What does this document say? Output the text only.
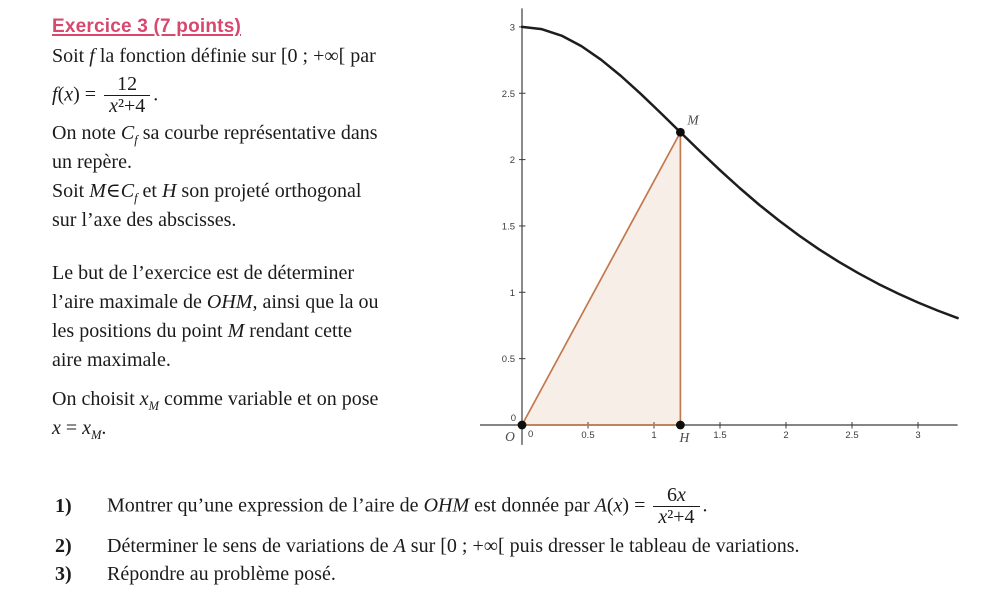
Exercice 3 (7 points)

Soit f la fonction définie sur [0 ; +∞[ par

$f(x) = \frac{12}{\text{x²+4}}$ .

On note $C_f$ sa courbe représentative dans

un repère.

Soit $M\in C_f$ et H son projeté orthogonal

sur l’axe des abscisses.

Le but de l’exercice est de déterminer

l’aire maximale de OHM, ainsi que la ou

les positions du point M rendant cette

aire maximale.

On choisit $x_M$ comme variable et on pose

$x = x_M$.	0.5	1	1.5	2	2.5	3
0.5
1
1.5
2
2.5
3
0
0
M
H
O
1)	Montrer qu’une expression de l’aire de OHM est donnée par $A(x) = \frac{6x}{\text{x²+4}}$ .
2)	Déterminer le sens de variations de A sur [0 ; +∞[ puis dresser le tableau de variations.
3)	Répondre au problème posé.
